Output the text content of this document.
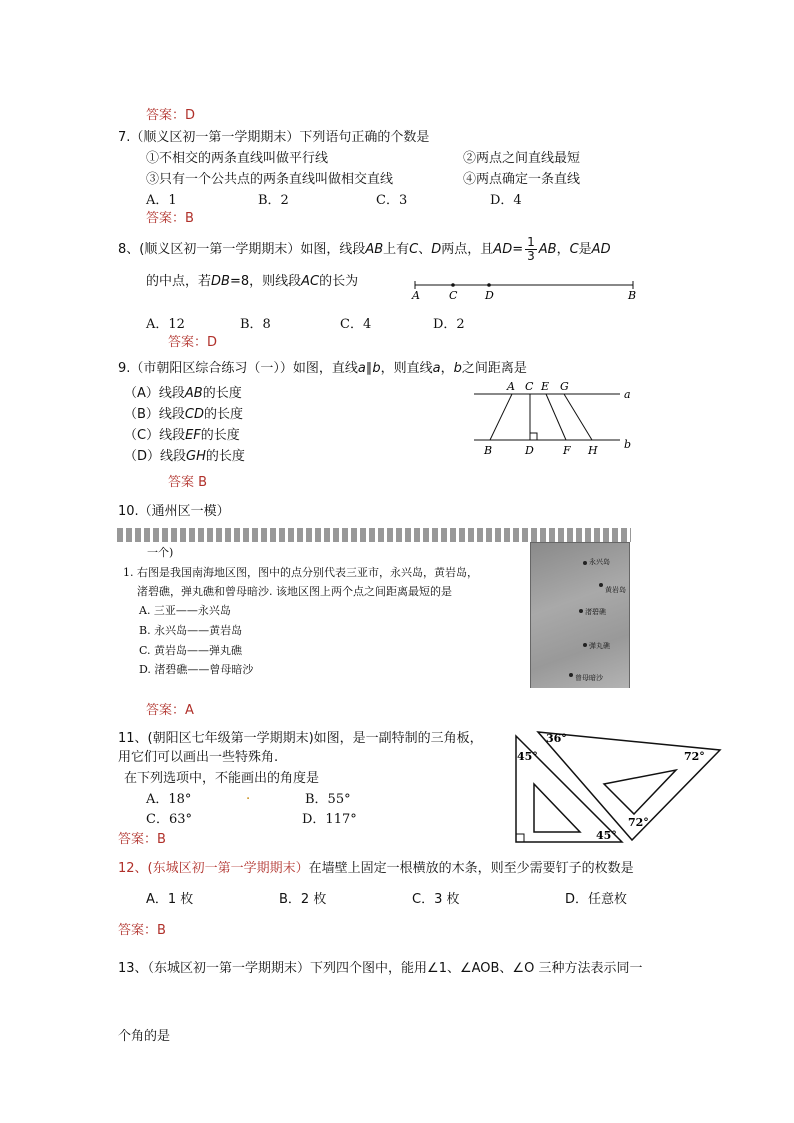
答案：D
7.（顺义区初一第一学期期末）下列语句正确的个数是
①不相交的两条直线叫做平行线	②两点之间直线最短
③只有一个公共点的两条直线叫做相交直线	④两点确定一条直线
A．1	B．2	C．3	D．4
答案：B
8、(顺义区初一第一学期期末）如图，线段AB上有C、D两点，且$AD= \frac{1}{3}$ AB，C是AD
的中点，若DB=8，则线段AC的长为
A	C	D	B
A．12	B．8	C．4	D．2
答案：D
9.（市朝阳区综合练习（一））如图，直线a∥b，则直线a，b之间距离是
（A）线段AB的长度
（B）线段CD的长度
（C）线段EF的长度
（D）线段GH的长度
A C E G
a
B	D	F H b
答案 B
10.（通州区一模）
一个)
1. 右图是我国南海地区图，图中的点分别代表三亚市，永兴岛，黄岩岛，
渚碧礁，弹丸礁和曾母暗沙. 该地区图上两个点之间距离最短的是
A. 三亚——永兴岛
B. 永兴岛——黄岩岛
C. 黄岩岛——弹丸礁
D. 渚碧礁——曾母暗沙
永兴岛
黄岩岛
渚碧礁
弹丸礁
曾母暗沙
答案：A
11、(朝阳区七年级第一学期期末)如图，是一副特制的三角板，
用它们可以画出一些特殊角.
在下列选项中，不能画出的角度是
A．18°	.	B．55°
C．63°	D．117°
答案：B
36°
72°
72°
45°
45°
12、(东城区初一第一学期期末）在墙壁上固定一根横放的木条，则至少需要钉子的枚数是
A．1 枚	B．2 枚	C．3 枚	D．任意枚
答案：B
13、（东城区初一第一学期期末）下列四个图中，能用∠1、∠AOB、∠O 三种方法表示同一
个角的是
